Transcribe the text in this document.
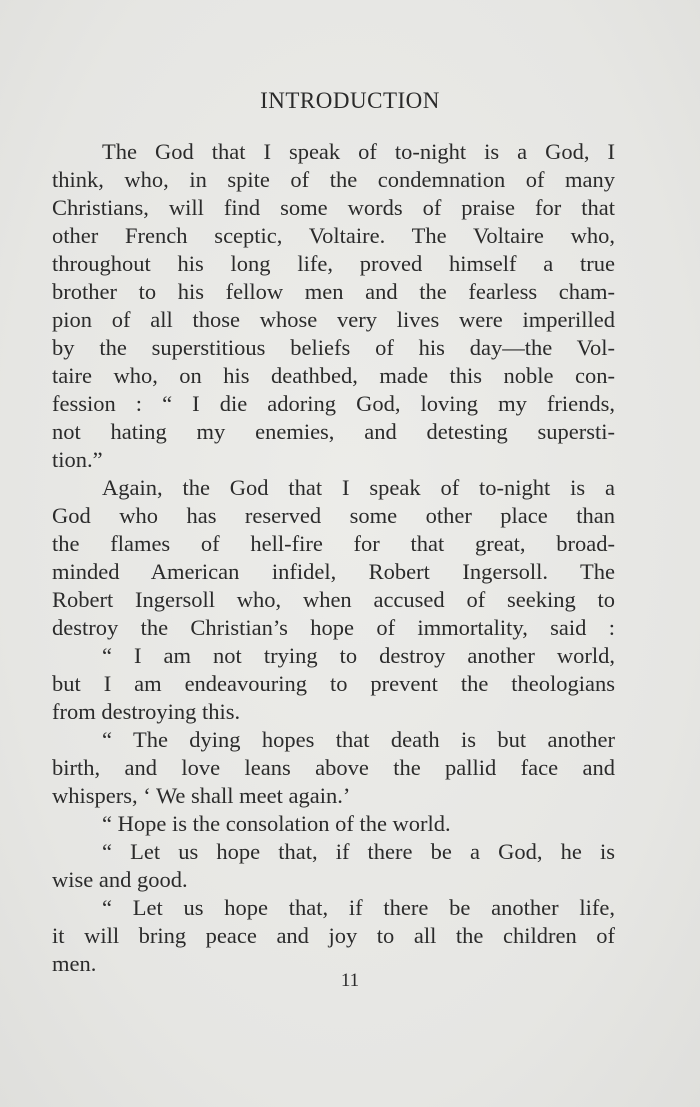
INTRODUCTION
The God that I speak of to-night is a God, I
think, who, in spite of the condemnation of many
Christians, will find some words of praise for that
other French sceptic, Voltaire. The Voltaire who,
throughout his long life, proved himself a true
brother to his fellow men and the fearless cham-
pion of all those whose very lives were imperilled
by the superstitious beliefs of his day—the Vol-
taire who, on his deathbed, made this noble con-
fession : “ I die adoring God, loving my friends,
not hating my enemies, and detesting supersti-
tion.”
Again, the God that I speak of to-night is a
God who has reserved some other place than
the flames of hell-fire for that great, broad-
minded American infidel, Robert Ingersoll. The
Robert Ingersoll who, when accused of seeking to
destroy the Christian’s hope of immortality, said :
“ I am not trying to destroy another world,
but I am endeavouring to prevent the theologians
from destroying this.
“ The dying hopes that death is but another
birth, and love leans above the pallid face and
whispers, ‘ We shall meet again.’
“ Hope is the consolation of the world.
“ Let us hope that, if there be a God, he is
wise and good.
“ Let us hope that, if there be another life,
it will bring peace and joy to all the children of
men.
11
